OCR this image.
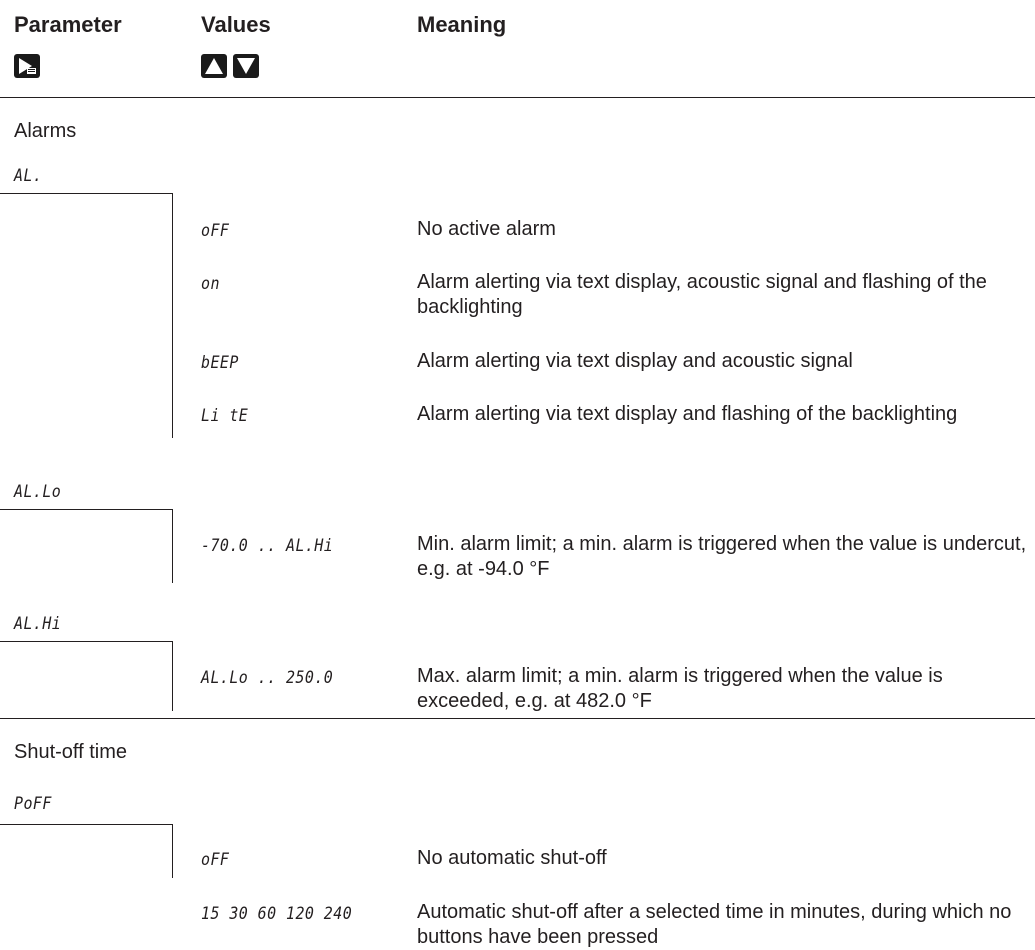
Parameter	Values	Meaning
Alarms
AL.
oFF	No active alarm
on	Alarm alerting via text display, acoustic signal and flashing of the backlighting
bEEP	Alarm alerting via text display and acoustic signal
Li tE	Alarm alerting via text display and flashing of the backlighting
AL.Lo
-70.0 .. AL.Hi	Min. alarm limit; a min. alarm is triggered when the value is undercut, e.g. at -94.0 °F
AL.Hi
AL.Lo .. 250.0	Max. alarm limit; a min. alarm is triggered when the value is exceeded, e.g. at 482.0 °F
Shut-off time
PoFF
oFF	No automatic shut-off
15 30 60 120 240	Automatic shut-off after a selected time in minutes, during which no buttons have been pressed
